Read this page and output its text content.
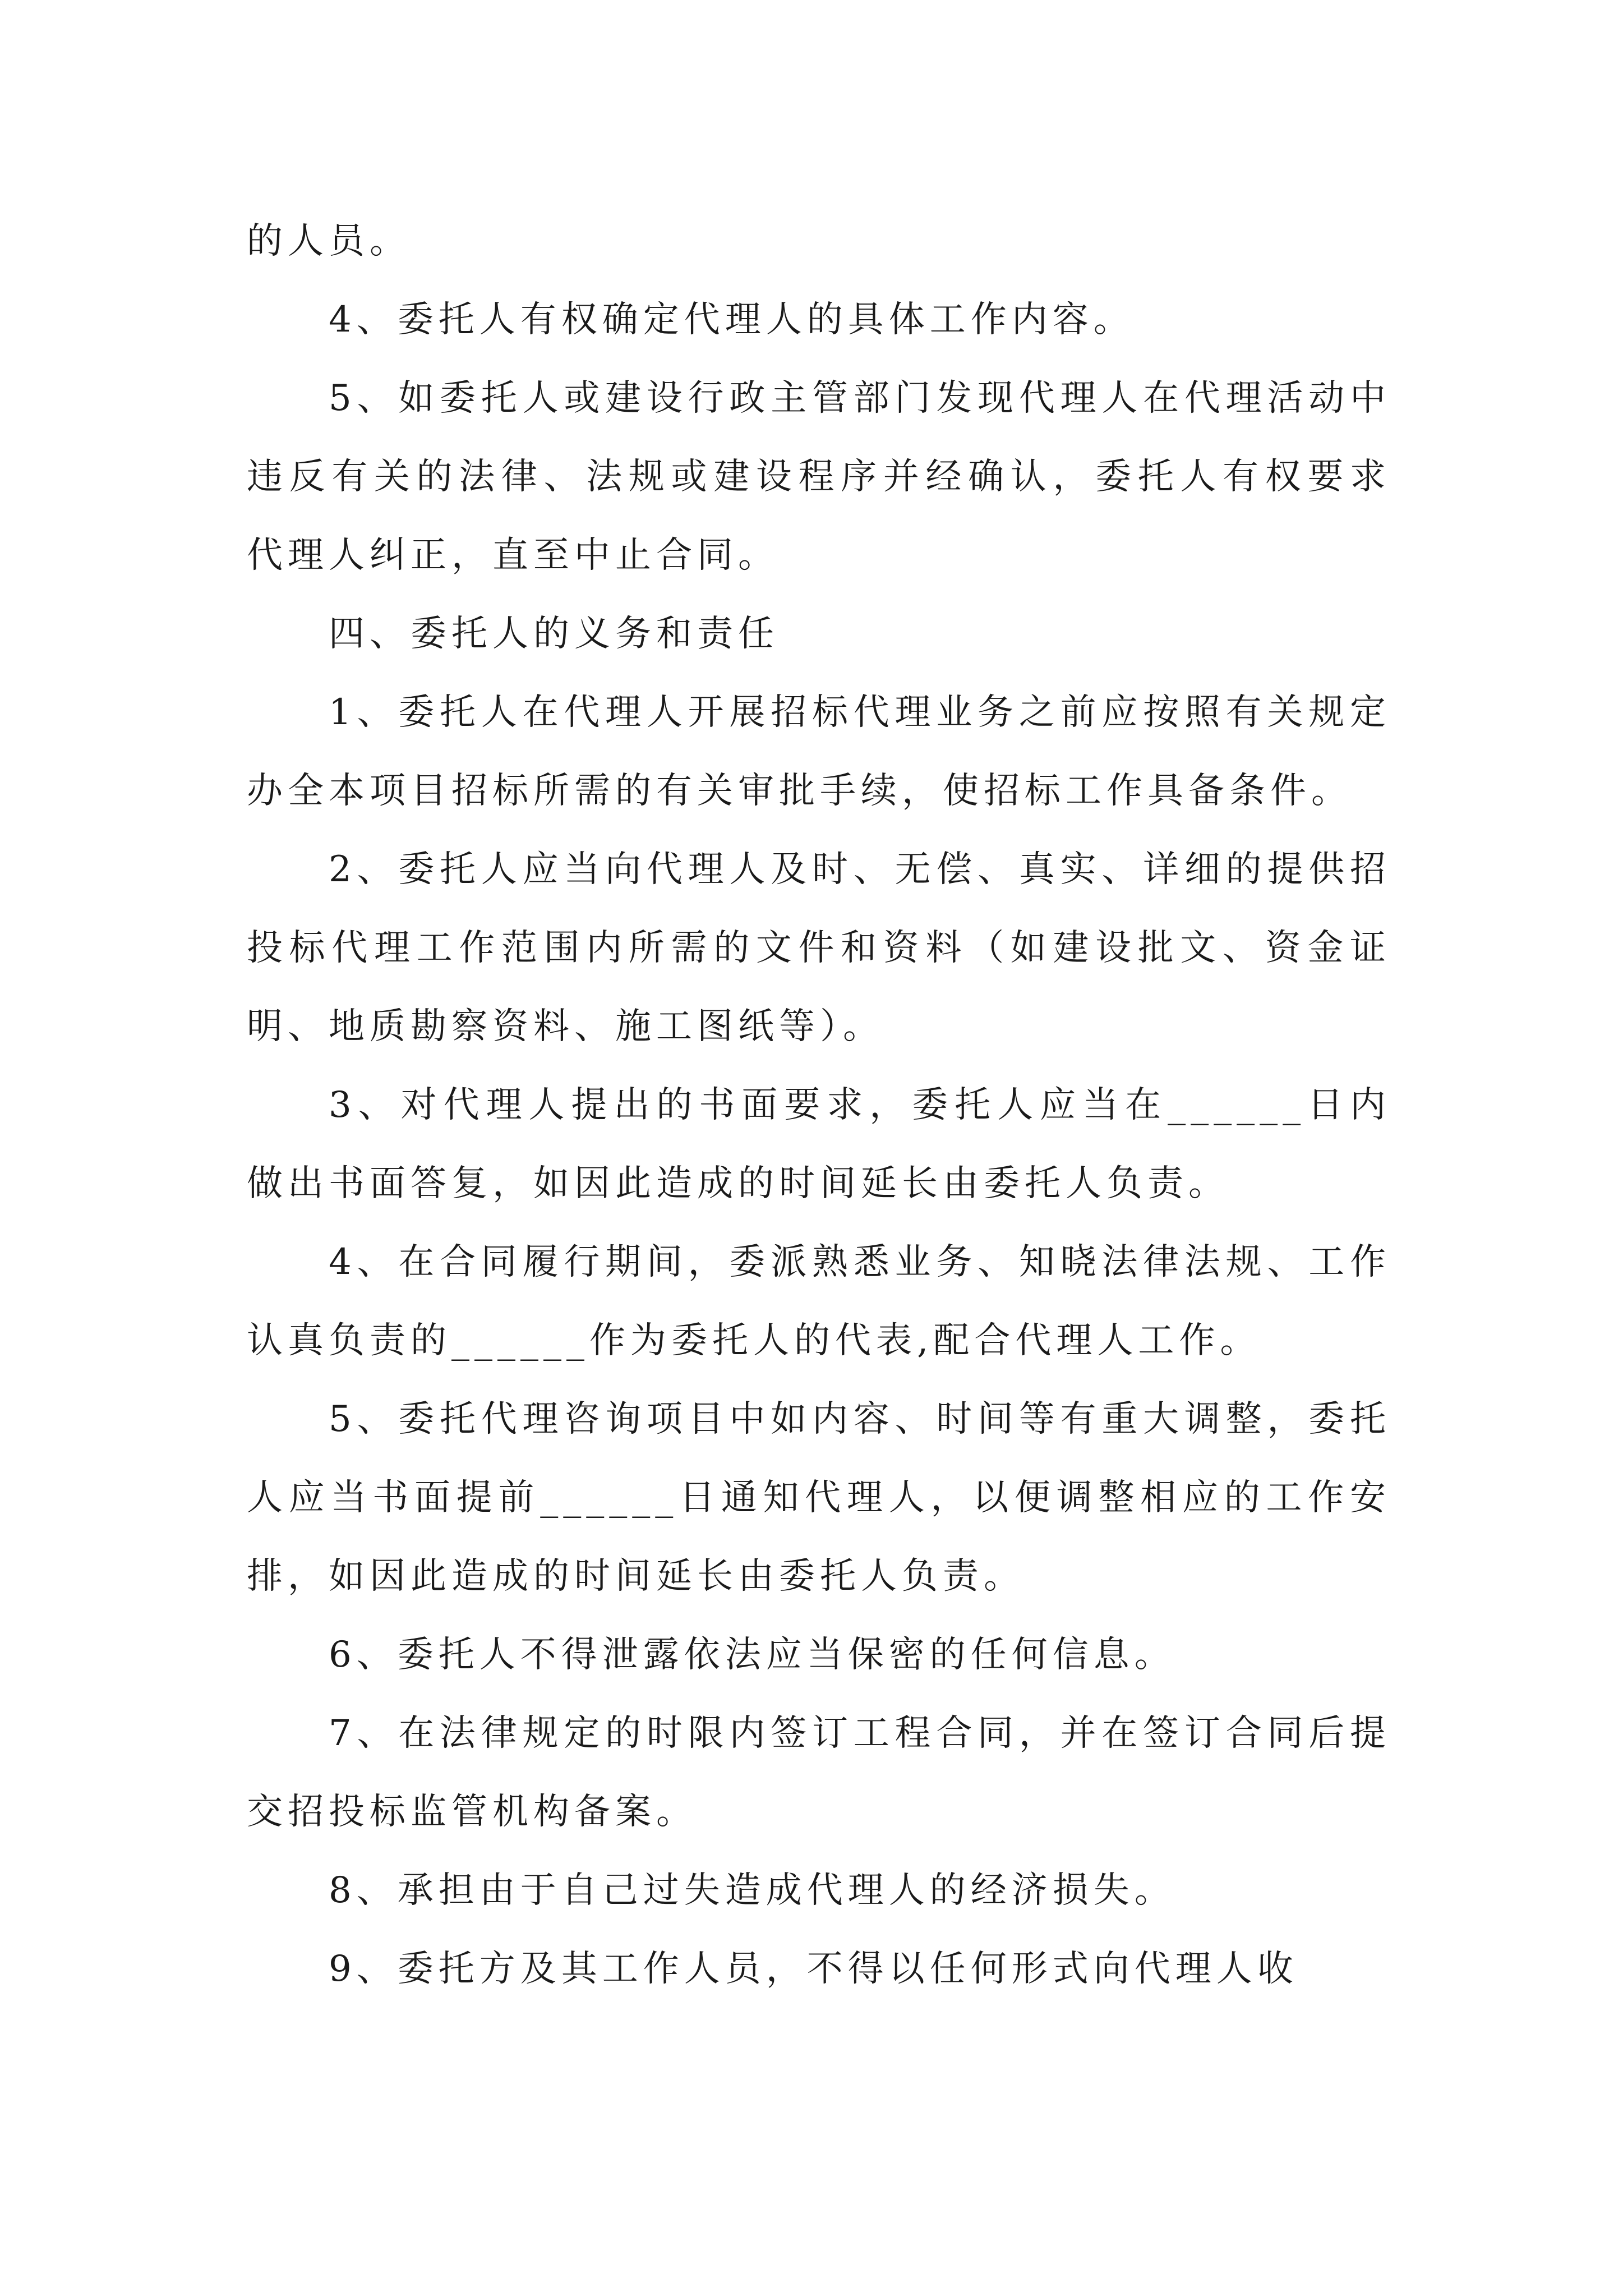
的人员。

4、委托人有权确定代理人的具体工作内容。

5、如委托人或建设行政主管部门发现代理人在代理活动中违反有关的法律、法规或建设程序并经确认，委托人有权要求代理人纠正，直至中止合同。

四、委托人的义务和责任

1、委托人在代理人开展招标代理业务之前应按照有关规定办全本项目招标所需的有关审批手续，使招标工作具备条件。

2、委托人应当向代理人及时、无偿、真实、详细的提供招投标代理工作范围内所需的文件和资料（如建设批文、资金证明、地质勘察资料、施工图纸等）。

3、对代理人提出的书面要求，委托人应当在______日内做出书面答复，如因此造成的时间延长由委托人负责。

4、在合同履行期间，委派熟悉业务、知晓法律法规、工作认真负责的______作为委托人的代表,配合代理人工作。

5、委托代理咨询项目中如内容、时间等有重大调整，委托人应当书面提前______日通知代理人，以便调整相应的工作安排，如因此造成的时间延长由委托人负责。

6、委托人不得泄露依法应当保密的任何信息。

7、在法律规定的时限内签订工程合同，并在签订合同后提交招投标监管机构备案。

8、承担由于自己过失造成代理人的经济损失。

9、委托方及其工作人员，不得以任何形式向代理人收
